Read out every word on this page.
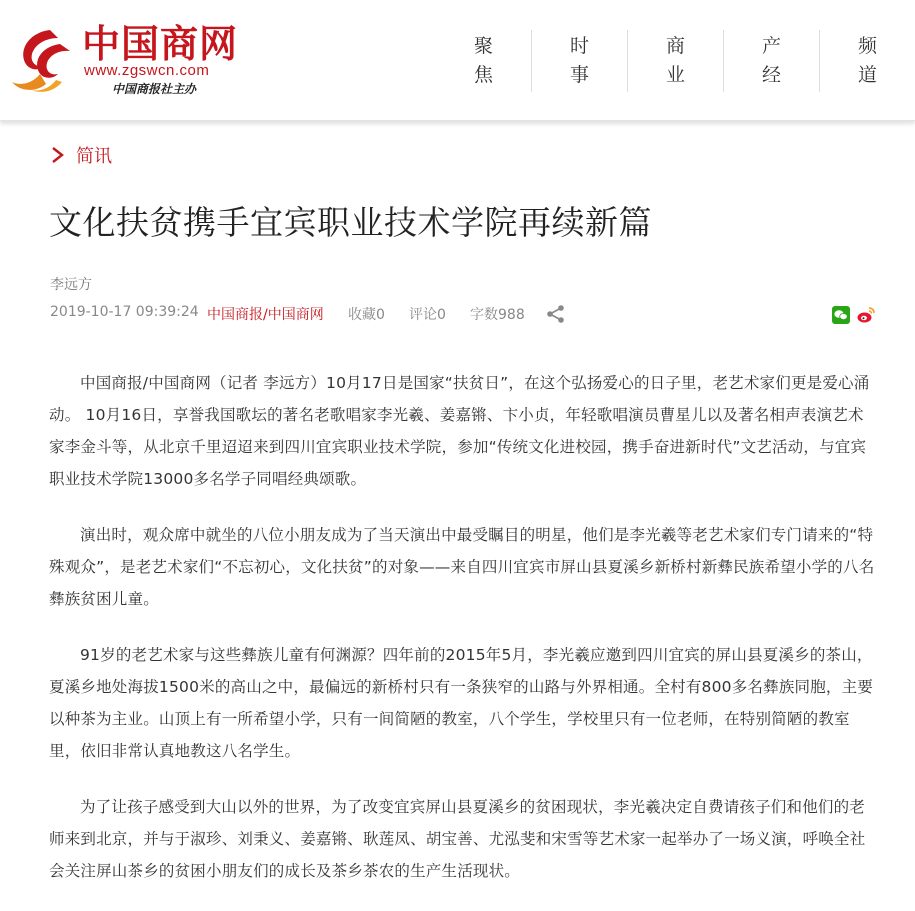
中国商网
www.zgswcn.com
中国商报社主办
聚
焦
时
事
商
业
产
经
频
道
简讯
文化扶贫携手宜宾职业技术学院再续新篇
李远方
2019-10-17 09:39:24 中国商报/中国商网 收藏0 评论0 字数988

中国商报/中国商网（记者 李远方）10月17日是国家“扶贫日”，在这个弘扬爱心的日子里，老艺术家们更是爱心涌动。 10月16日，享誉我国歌坛的著名老歌唱家李光羲、姜嘉锵、卞小贞，年轻歌唱演员曹星儿以及著名相声表演艺术家李金斗等，从北京千里迢迢来到四川宜宾职业技术学院，参加“传统文化进校园，携手奋进新时代”文艺活动，与宜宾职业技术学院13000多名学子同唱经典颂歌。

演出时，观众席中就坐的八位小朋友成为了当天演出中最受瞩目的明星，他们是李光羲等老艺术家们专门请来的“特殊观众”，是老艺术家们“不忘初心，文化扶贫”的对象——来自四川宜宾市屏山县夏溪乡新桥村新彝民族希望小学的八名彝族贫困儿童。

91岁的老艺术家与这些彝族儿童有何渊源？四年前的2015年5月，李光羲应邀到四川宜宾的屏山县夏溪乡的茶山，夏溪乡地处海拔1500米的高山之中，最偏远的新桥村只有一条狭窄的山路与外界相通。全村有800多名彝族同胞，主要以种茶为主业。山顶上有一所希望小学，只有一间简陋的教室，八个学生，学校里只有一位老师，在特别简陋的教室里，依旧非常认真地教这八名学生。

为了让孩子感受到大山以外的世界，为了改变宜宾屏山县夏溪乡的贫困现状，李光羲决定自费请孩子们和他们的老师来到北京，并与于淑珍、刘秉义、姜嘉锵、耿莲凤、胡宝善、尤泓斐和宋雪等艺术家一起举办了一场义演，呼唤全社会关注屏山茶乡的贫困小朋友们的成长及茶乡茶农的生产生活现状。
